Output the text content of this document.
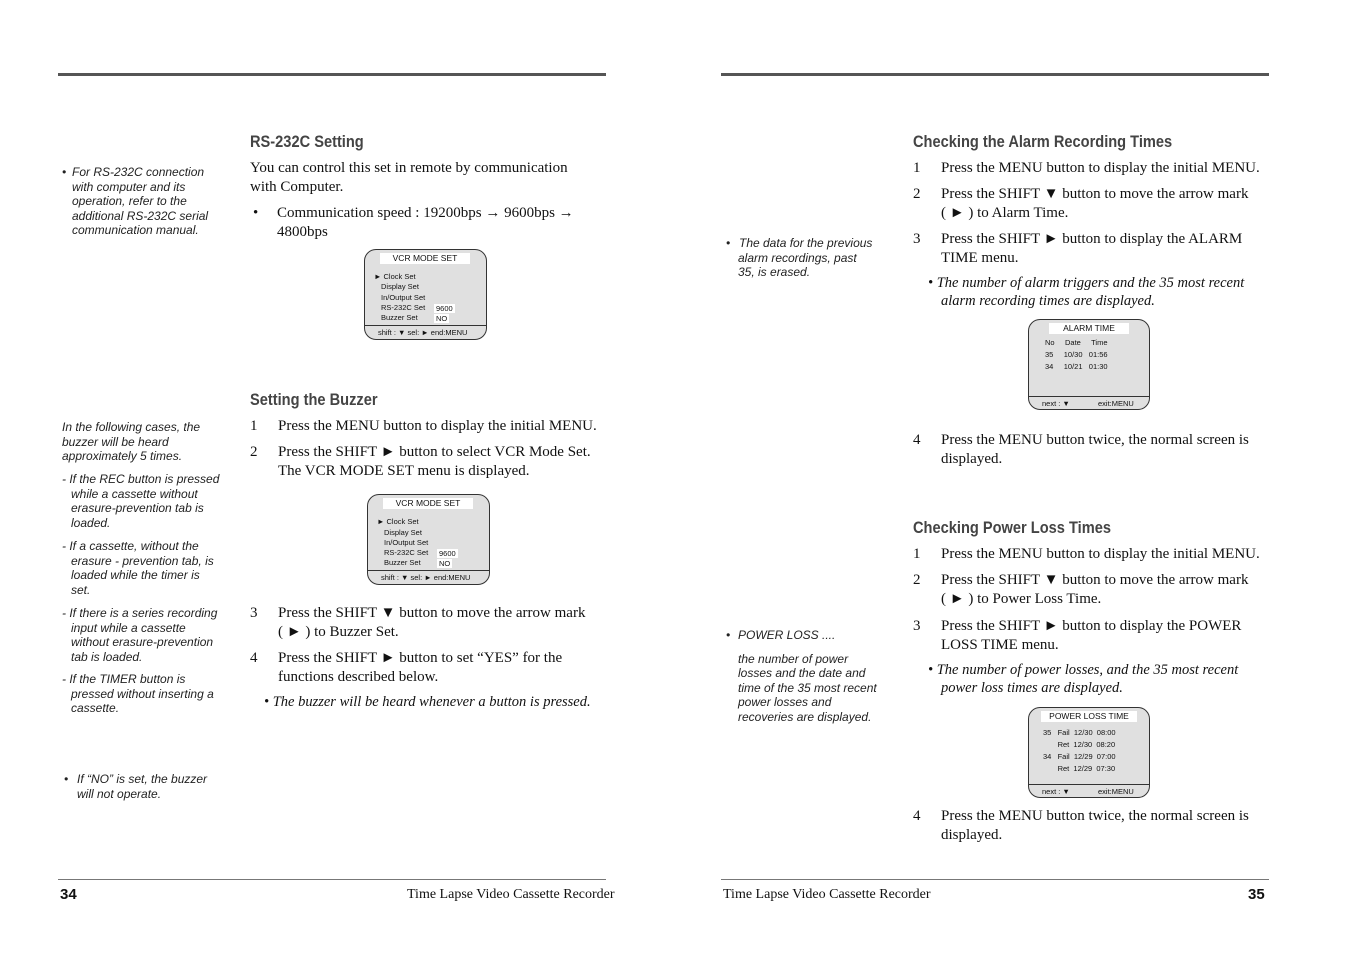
• For RS-232C connection
with computer and its
operation, refer to the
additional RS-232C serial
communication manual.
RS-232C Setting
You can control this set in remote by communication
with Computer.
• Communication speed : 19200bps → 9600bps →
4800bps
VCR MODE SET
► Clock Set
Display Set
In/Output Set
RS-232C Set 9600
Buzzer Set NO
shift : ▼ sel: ► end:MENU
Setting the Buzzer
In the following cases, the
buzzer will be heard
approximately 5 times.
- If the REC button is pressed
while a cassette without
erasure-prevention tab is
loaded.
- If a cassette, without the
erasure - prevention tab, is
loaded while the timer is
set.
- If there is a series recording
input while a cassette
without erasure-prevention
tab is loaded.
- If the TIMER button is
pressed without inserting a
cassette.
• If “NO” is set, the buzzer
will not operate.
1 Press the MENU button to display the initial MENU.
2 Press the SHIFT ► button to select VCR Mode Set.
The VCR MODE SET menu is displayed.
VCR MODE SET
► Clock Set
Display Set
In/Output Set
RS-232C Set 9600
Buzzer Set NO
shift : ▼ sel: ► end:MENU
3 Press the SHIFT ▼ button to move the arrow mark
( ► ) to Buzzer Set.
4 Press the SHIFT ► button to set “YES” for the
functions described below.
• The buzzer will be heard whenever a button is pressed.
34	Time Lapse Video Cassette Recorder
Checking the Alarm Recording Times
• The data for the previous
alarm recordings, past
35, is erased.
1 Press the MENU button to display the initial MENU.
2 Press the SHIFT ▼ button to move the arrow mark
( ► ) to Alarm Time.
3 Press the SHIFT ► button to display the ALARM
TIME menu.
• The number of alarm triggers and the 35 most recent
alarm recording times are displayed.
ALARM TIME
No     Date     Time
35     10/30   01:56
34     10/21   01:30
next : ▼	exit:MENU
4 Press the MENU button twice, the normal screen is
displayed.
Checking Power Loss Times
• POWER LOSS ....
the number of power
losses and the date and
time of the 35 most recent
power losses and
recoveries are displayed.
1 Press the MENU button to display the initial MENU.
2 Press the SHIFT ▼ button to move the arrow mark
( ► ) to Power Loss Time.
3 Press the SHIFT ► button to display the POWER
LOSS TIME menu.
• The number of power losses, and the 35 most recent
power loss times are displayed.
POWER LOSS TIME
35   Fail  12/30  08:00
Ret  12/30  08:20
34   Fail  12/29  07:00
Ret  12/29  07:30
next : ▼	exit:MENU
4 Press the MENU button twice, the normal screen is
displayed.
Time Lapse Video Cassette Recorder	35
